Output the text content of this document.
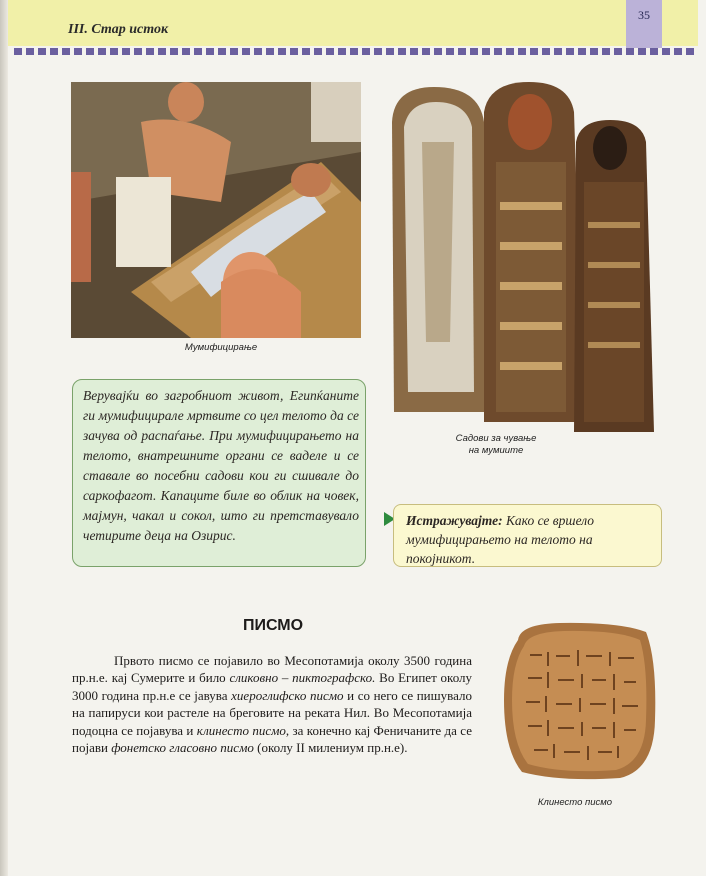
III. Стар исток
35
Мумифицирање
Садови за чување
на мумиите
Верувајќи во загробниот живот, Египќаните ги мумифицирале мртвите со цел телото да се зачува од распаѓање. При мумифицирањето на телото, внатрешните органи се ваделе и се ставале во посебни садови кои ги сшивале до саркофагот. Капаците биле во облик на човек, мајмун, чакал и сокол, што ги претставувало четирите деца на Озирис.
Истражувајте: Како се вршело мумифицирањето на телото на покојникот.
ПИСМО

Првото писмо се појавило во Месопотамија околу 3500 година пр.н.е. кај Сумерите и било сликовно – пиктографско. Во Египет околу 3000 година пр.н.е се јавува хиероглифско писмо и со него се пишувало на папируси кои растеле на бреговите на реката Нил. Во Месопотамија подоцна се појавува и клинесто писмо, за конечно кај Феничаните да се појави фонетско гласовно писмо (околу II милениум пр.н.е).

Клинесто писмо
